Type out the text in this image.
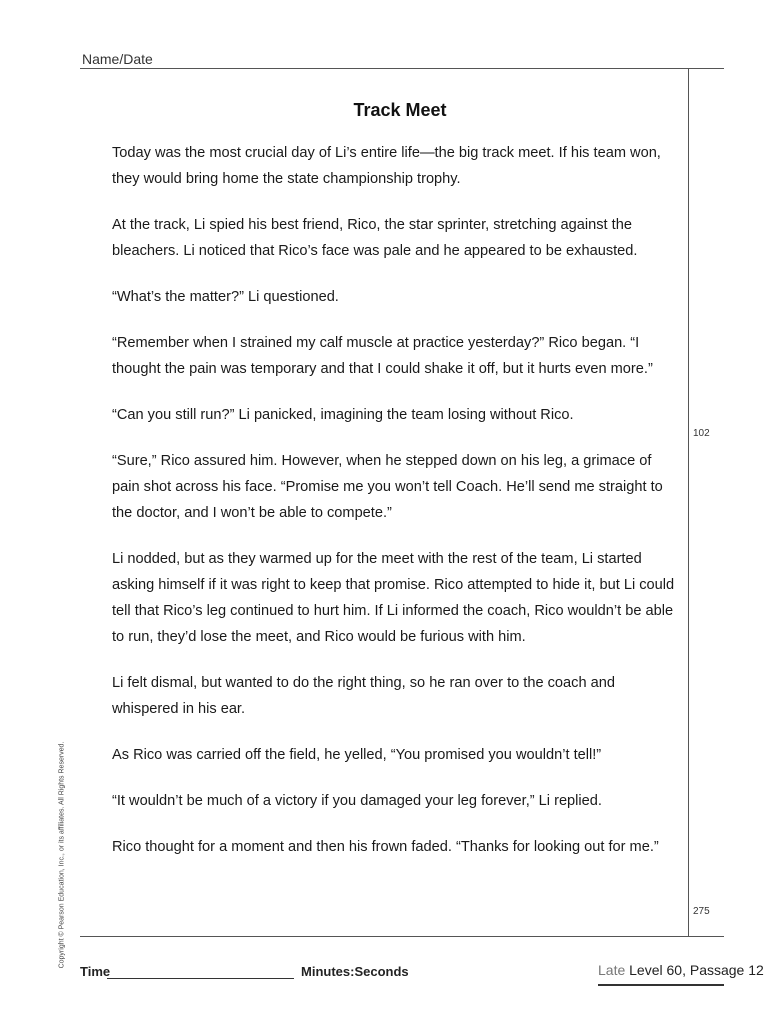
Name/Date
Track Meet

Today was the most crucial day of Li’s entire life—the big track meet. If his team won, they would bring home the state championship trophy.

At the track, Li spied his best friend, Rico, the star sprinter, stretching against the bleachers. Li noticed that Rico’s face was pale and he appeared to be exhausted.

“What’s the matter?” Li questioned.

“Remember when I strained my calf muscle at practice yesterday?” Rico began. “I thought the pain was temporary and that I could shake it off, but it hurts even more.”

“Can you still run?” Li panicked, imagining the team losing without Rico.

“Sure,” Rico assured him. However, when he stepped down on his leg, a grimace of pain shot across his face. “Promise me you won’t tell Coach. He’ll send me straight to the doctor, and I won’t be able to compete.”

Li nodded, but as they warmed up for the meet with the rest of the team, Li started asking himself if it was right to keep that promise. Rico attempted to hide it, but Li could tell that Rico’s leg continued to hurt him. If Li informed the coach, Rico wouldn’t be able to run, they’d lose the meet, and Rico would be furious with him.

Li felt dismal, but wanted to do the right thing, so he ran over to the coach and whispered in his ear.

As Rico was carried off the field, he yelled, “You promised you wouldn’t tell!”

“It wouldn’t be much of a victory if you damaged your leg forever,” Li replied.

Rico thought for a moment and then his frown faded. “Thanks for looking out for me.”

102
275
Copyright © Pearson Education, Inc., or its affiliates. All Rights Reserved.
Time	Minutes:Seconds	Late Level 60, Passage 12
